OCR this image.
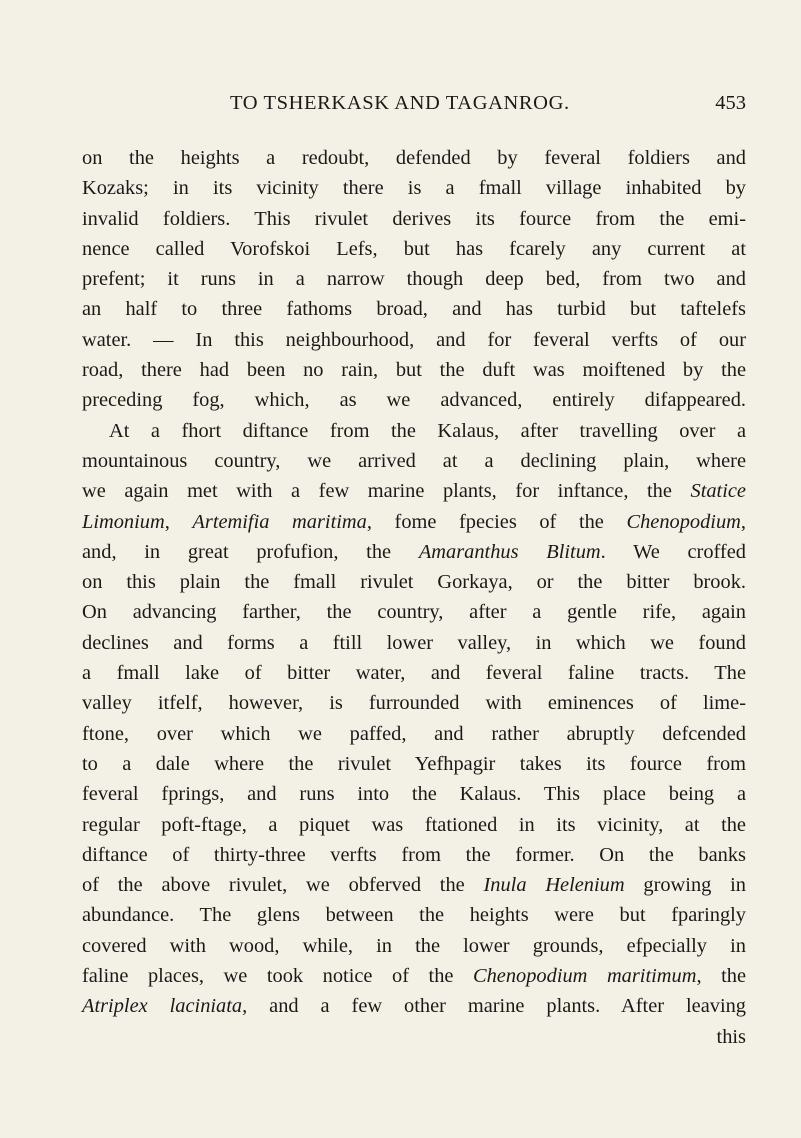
TO TSHERKASK AND TAGANROG.	453
on the heights a redoubt, defended by feveral foldiers and
Kozaks; in its vicinity there is a fmall village inhabited by
invalid foldiers. This rivulet derives its fource from the emi-
nence called Vorofskoi Lefs, but has fcarely any current at
prefent; it runs in a narrow though deep bed, from two and
an half to three fathoms broad, and has turbid but taftelefs
water. — In this neighbourhood, and for feveral verfts of our
road, there had been no rain, but the duft was moiftened by the
preceding fog, which, as we advanced, entirely difappeared.
At a fhort diftance from the Kalaus, after travelling over a
mountainous country, we arrived at a declining plain, where
we again met with a few marine plants, for inftance, the Statice
Limonium, Artemifia maritima, fome fpecies of the Chenopodium,
and, in great profufion, the Amaranthus Blitum. We croffed
on this plain the fmall rivulet Gorkaya, or the bitter brook.
On advancing farther, the country, after a gentle rife, again
declines and forms a ftill lower valley, in which we found
a fmall lake of bitter water, and feveral faline tracts. The
valley itfelf, however, is furrounded with eminences of lime-
ftone, over which we paffed, and rather abruptly defcended
to a dale where the rivulet Yefhpagir takes its fource from
feveral fprings, and runs into the Kalaus. This place being a
regular poft-ftage, a piquet was ftationed in its vicinity, at the
diftance of thirty-three verfts from the former. On the banks
of the above rivulet, we obferved the Inula Helenium growing in
abundance. The glens between the heights were but fparingly
covered with wood, while, in the lower grounds, efpecially in
faline places, we took notice of the Chenopodium maritimum, the
Atriplex laciniata, and a few other marine plants. After leaving
this
